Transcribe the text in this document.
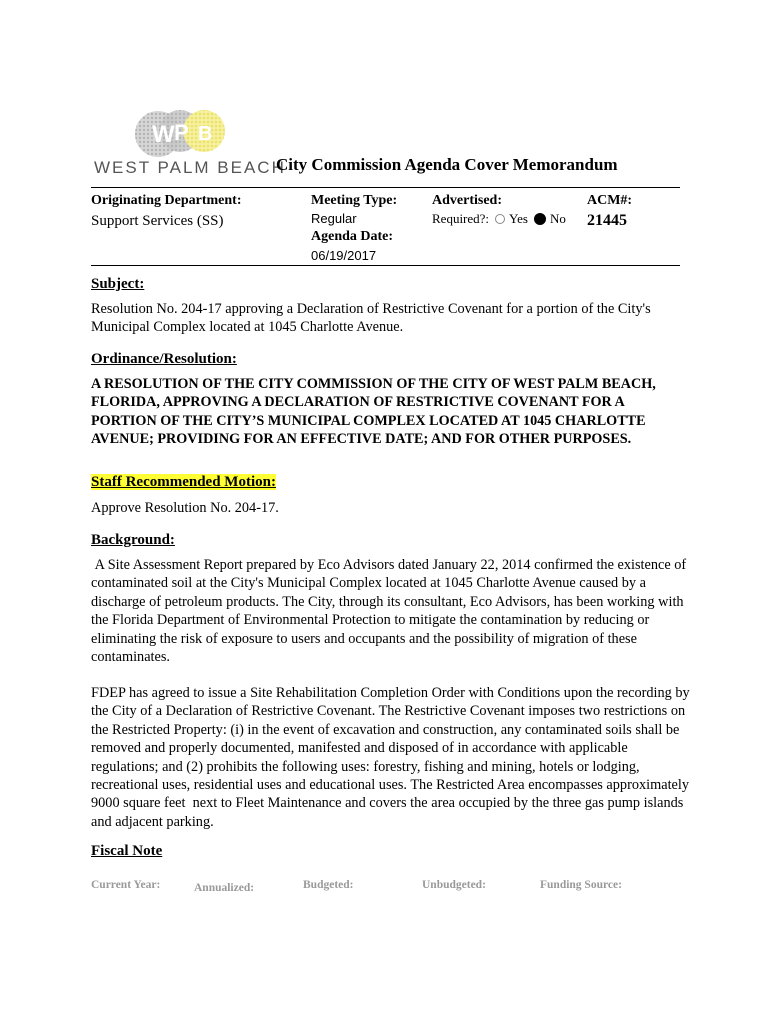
W P B
WEST PALM BEACH
City Commission Agenda Cover Memorandum
Originating Department:
Support Services (SS)
Meeting Type:
Regular
Agenda Date:
06/19/2017
Advertised:
Required?: Yes No
ACM#:
21445
Subject:
Resolution No. 204-17 approving a Declaration of Restrictive Covenant for a portion of the City's Municipal Complex located at 1045 Charlotte Avenue.
Ordinance/Resolution:
A RESOLUTION OF THE CITY COMMISSION OF THE CITY OF WEST PALM BEACH, FLORIDA, APPROVING A DECLARATION OF RESTRICTIVE COVENANT FOR A PORTION OF THE CITY’S MUNICIPAL COMPLEX LOCATED AT 1045 CHARLOTTE AVENUE; PROVIDING FOR AN EFFECTIVE DATE; AND FOR OTHER PURPOSES.
Staff Recommended Motion:
Approve Resolution No. 204-17.
Background:
A Site Assessment Report prepared by Eco Advisors dated January 22, 2014 confirmed the existence of contaminated soil at the City's Municipal Complex located at 1045 Charlotte Avenue caused by a discharge of petroleum products. The City, through its consultant, Eco Advisors, has been working with the Florida Department of Environmental Protection to mitigate the contamination by reducing or eliminating the risk of exposure to users and occupants and the possibility of migration of these contaminates.
FDEP has agreed to issue a Site Rehabilitation Completion Order with Conditions upon the recording by the City of a Declaration of Restrictive Covenant. The Restrictive Covenant imposes two restrictions on the Restricted Property: (i) in the event of excavation and construction, any contaminated soils shall be removed and properly documented, manifested and disposed of in accordance with applicable regulations; and (2) prohibits the following uses: forestry, fishing and mining, hotels or lodging, recreational uses, residential uses and educational uses. The Restricted Area encompasses approximately 9000 square feet  next to Fleet Maintenance and covers the area occupied by the three gas pump islands and adjacent parking.
Fiscal Note
Current Year:	Annualized:	Budgeted:	Unbudgeted:	Funding Source:
